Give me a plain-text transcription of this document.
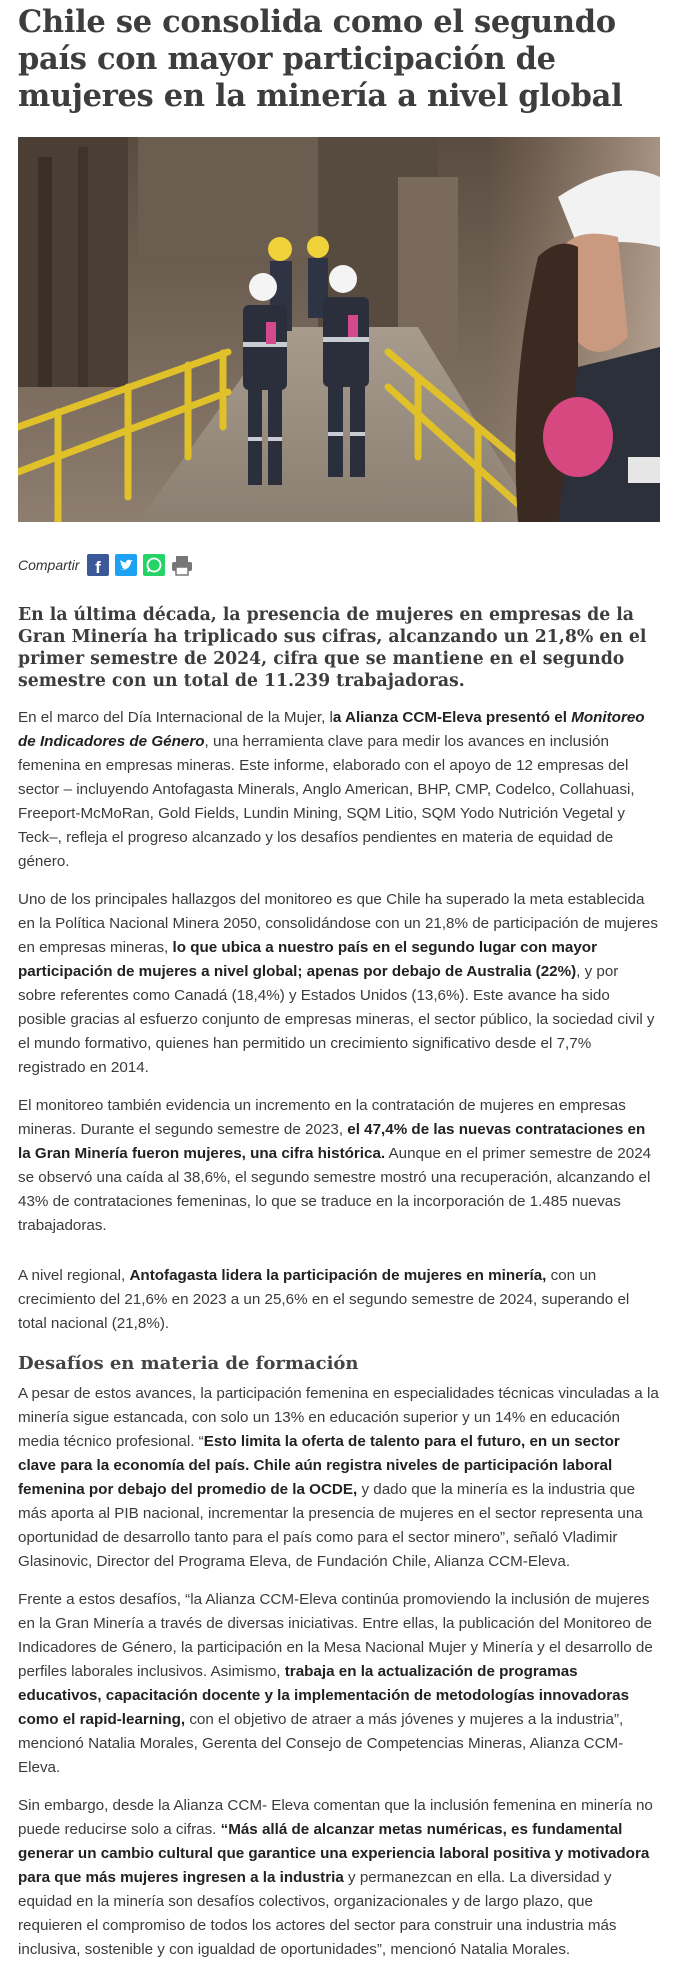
Chile se consolida como el segundo país con mayor participación de mujeres en la minería a nivel global
Compartir f

En la última década, la presencia de mujeres en empresas de la Gran Minería ha triplicado sus cifras, alcanzando un 21,8% en el primer semestre de 2024, cifra que se mantiene en el segundo semestre con un total de 11.239 trabajadoras.

En el marco del Día Internacional de la Mujer, la Alianza CCM-Eleva presentó el Monitoreo de Indicadores de Género, una herramienta clave para medir los avances en inclusión femenina en empresas mineras. Este informe, elaborado con el apoyo de 12 empresas del sector – incluyendo Antofagasta Minerals, Anglo American, BHP, CMP, Codelco, Collahuasi, Freeport-McMoRan, Gold Fields, Lundin Mining, SQM Litio, SQM Yodo Nutrición Vegetal y Teck–, refleja el progreso alcanzado y los desafíos pendientes en materia de equidad de género.

Uno de los principales hallazgos del monitoreo es que Chile ha superado la meta establecida en la Política Nacional Minera 2050, consolidándose con un 21,8% de participación de mujeres en empresas mineras, lo que ubica a nuestro país en el segundo lugar con mayor participación de mujeres a nivel global; apenas por debajo de Australia (22%), y por sobre referentes como Canadá (18,4%) y Estados Unidos (13,6%). Este avance ha sido posible gracias al esfuerzo conjunto de empresas mineras, el sector público, la sociedad civil y el mundo formativo, quienes han permitido un crecimiento significativo desde el 7,7% registrado en 2014.

El monitoreo también evidencia un incremento en la contratación de mujeres en empresas mineras. Durante el segundo semestre de 2023, el 47,4% de las nuevas contrataciones en la Gran Minería fueron mujeres, una cifra histórica. Aunque en el primer semestre de 2024 se observó una caída al 38,6%, el segundo semestre mostró una recuperación, alcanzando el 43% de contrataciones femeninas, lo que se traduce en la incorporación de 1.485 nuevas trabajadoras.

A nivel regional, Antofagasta lidera la participación de mujeres en minería, con un crecimiento del 21,6% en 2023 a un 25,6% en el segundo semestre de 2024, superando el total nacional (21,8%).

Desafíos en materia de formación

A pesar de estos avances, la participación femenina en especialidades técnicas vinculadas a la minería sigue estancada, con solo un 13% en educación superior y un 14% en educación media técnico profesional. “Esto limita la oferta de talento para el futuro, en un sector clave para la economía del país. Chile aún registra niveles de participación laboral femenina por debajo del promedio de la OCDE, y dado que la minería es la industria que más aporta al PIB nacional, incrementar la presencia de mujeres en el sector representa una oportunidad de desarrollo tanto para el país como para el sector minero”, señaló Vladimir Glasinovic, Director del Programa Eleva, de Fundación Chile, Alianza CCM-Eleva.

Frente a estos desafíos, “la Alianza CCM-Eleva continúa promoviendo la inclusión de mujeres en la Gran Minería a través de diversas iniciativas. Entre ellas, la publicación del Monitoreo de Indicadores de Género, la participación en la Mesa Nacional Mujer y Minería y el desarrollo de perfiles laborales inclusivos. Asimismo, trabaja en la actualización de programas educativos, capacitación docente y la implementación de metodologías innovadoras como el rapid-learning, con el objetivo de atraer a más jóvenes y mujeres a la industria”, mencionó Natalia Morales, Gerenta del Consejo de Competencias Mineras, Alianza CCM-Eleva.

Sin embargo, desde la Alianza CCM- Eleva comentan que la inclusión femenina en minería no puede reducirse solo a cifras. “Más allá de alcanzar metas numéricas, es fundamental generar un cambio cultural que garantice una experiencia laboral positiva y motivadora para que más mujeres ingresen a la industria y permanezcan en ella. La diversidad y equidad en la minería son desafíos colectivos, organizacionales y de largo plazo, que requieren el compromiso de todos los actores del sector para construir una industria más inclusiva, sostenible y con igualdad de oportunidades”, mencionó Natalia Morales.
